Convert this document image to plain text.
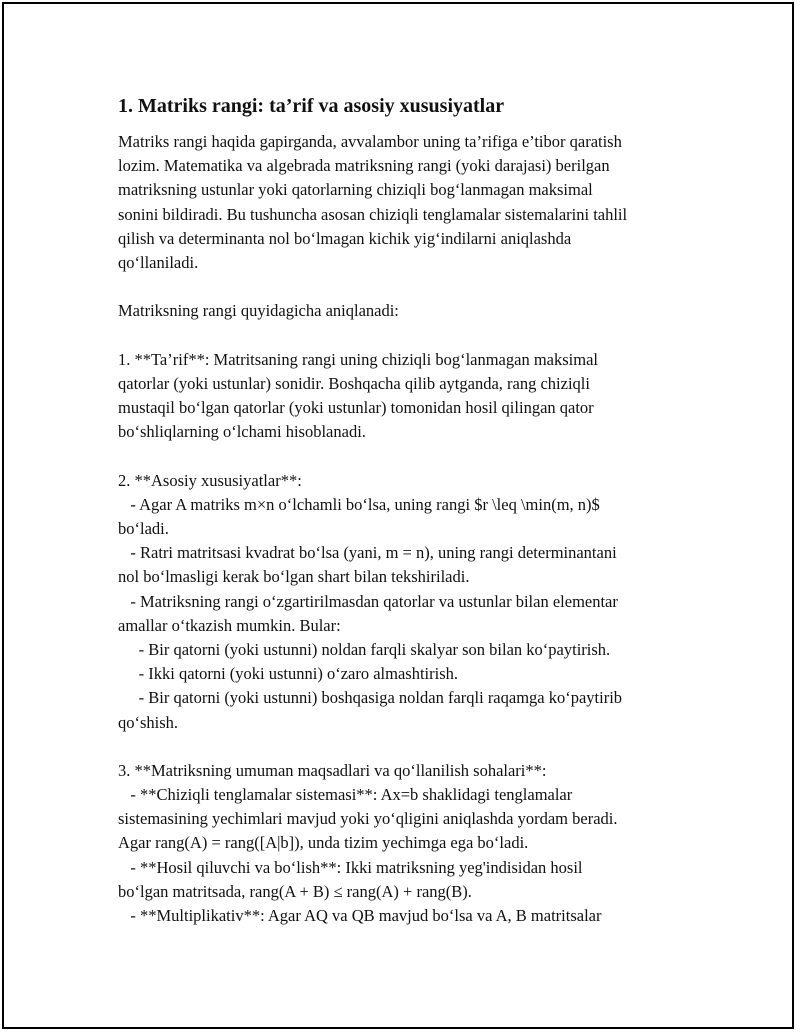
1. Matriks rangi: ta’rif va asosiy xususiyatlar
Matriks rangi haqida gapirganda, avvalambor uning ta’rifiga e’tibor qaratish
lozim. Matematika va algebrada matriksning rangi (yoki darajasi) berilgan
matriksning ustunlar yoki qatorlarning chiziqli bog‘lanmagan maksimal
sonini bildiradi. Bu tushuncha asosan chiziqli tenglamalar sistemalarini tahlil
qilish va determinanta nol bo‘lmagan kichik yig‘indilarni aniqlashda
qo‘llaniladi.
Matriksning rangi quyidagicha aniqlanadi:
1. **Ta’rif**: Matritsaning rangi uning chiziqli bog‘lanmagan maksimal
qatorlar (yoki ustunlar) sonidir. Boshqacha qilib aytganda, rang chiziqli
mustaqil bo‘lgan qatorlar (yoki ustunlar) tomonidan hosil qilingan qator
bo‘shliqlarning o‘lchami hisoblanadi.
2. **Asosiy xususiyatlar**:
- Agar A matriks m×n o‘lchamli bo‘lsa, uning rangi $r \leq \min(m, n)$
bo‘ladi.
- Ratri matritsasi kvadrat bo‘lsa (yani, m = n), uning rangi determinantani
nol bo‘lmasligi kerak bo‘lgan shart bilan tekshiriladi.
- Matriksning rangi o‘zgartirilmasdan qatorlar va ustunlar bilan elementar
amallar o‘tkazish mumkin. Bular:
- Bir qatorni (yoki ustunni) noldan farqli skalyar son bilan ko‘paytirish.
- Ikki qatorni (yoki ustunni) o‘zaro almashtirish.
- Bir qatorni (yoki ustunni) boshqasiga noldan farqli raqamga ko‘paytirib
qo‘shish.
3. **Matriksning umuman maqsadlari va qo‘llanilish sohalari**:
- **Chiziqli tenglamalar sistemasi**: Ax=b shaklidagi tenglamalar
sistemasining yechimlari mavjud yoki yo‘qligini aniqlashda yordam beradi.
Agar rang(A) = rang([A|b]), unda tizim yechimga ega bo‘ladi.
- **Hosil qiluvchi va bo‘lish**: Ikki matriksning yeg'indisidan hosil
bo‘lgan matritsada, rang(A + B) ≤ rang(A) + rang(B).
- **Multiplikativ**: Agar AQ va QB mavjud bo‘lsa va A, B matritsalar
